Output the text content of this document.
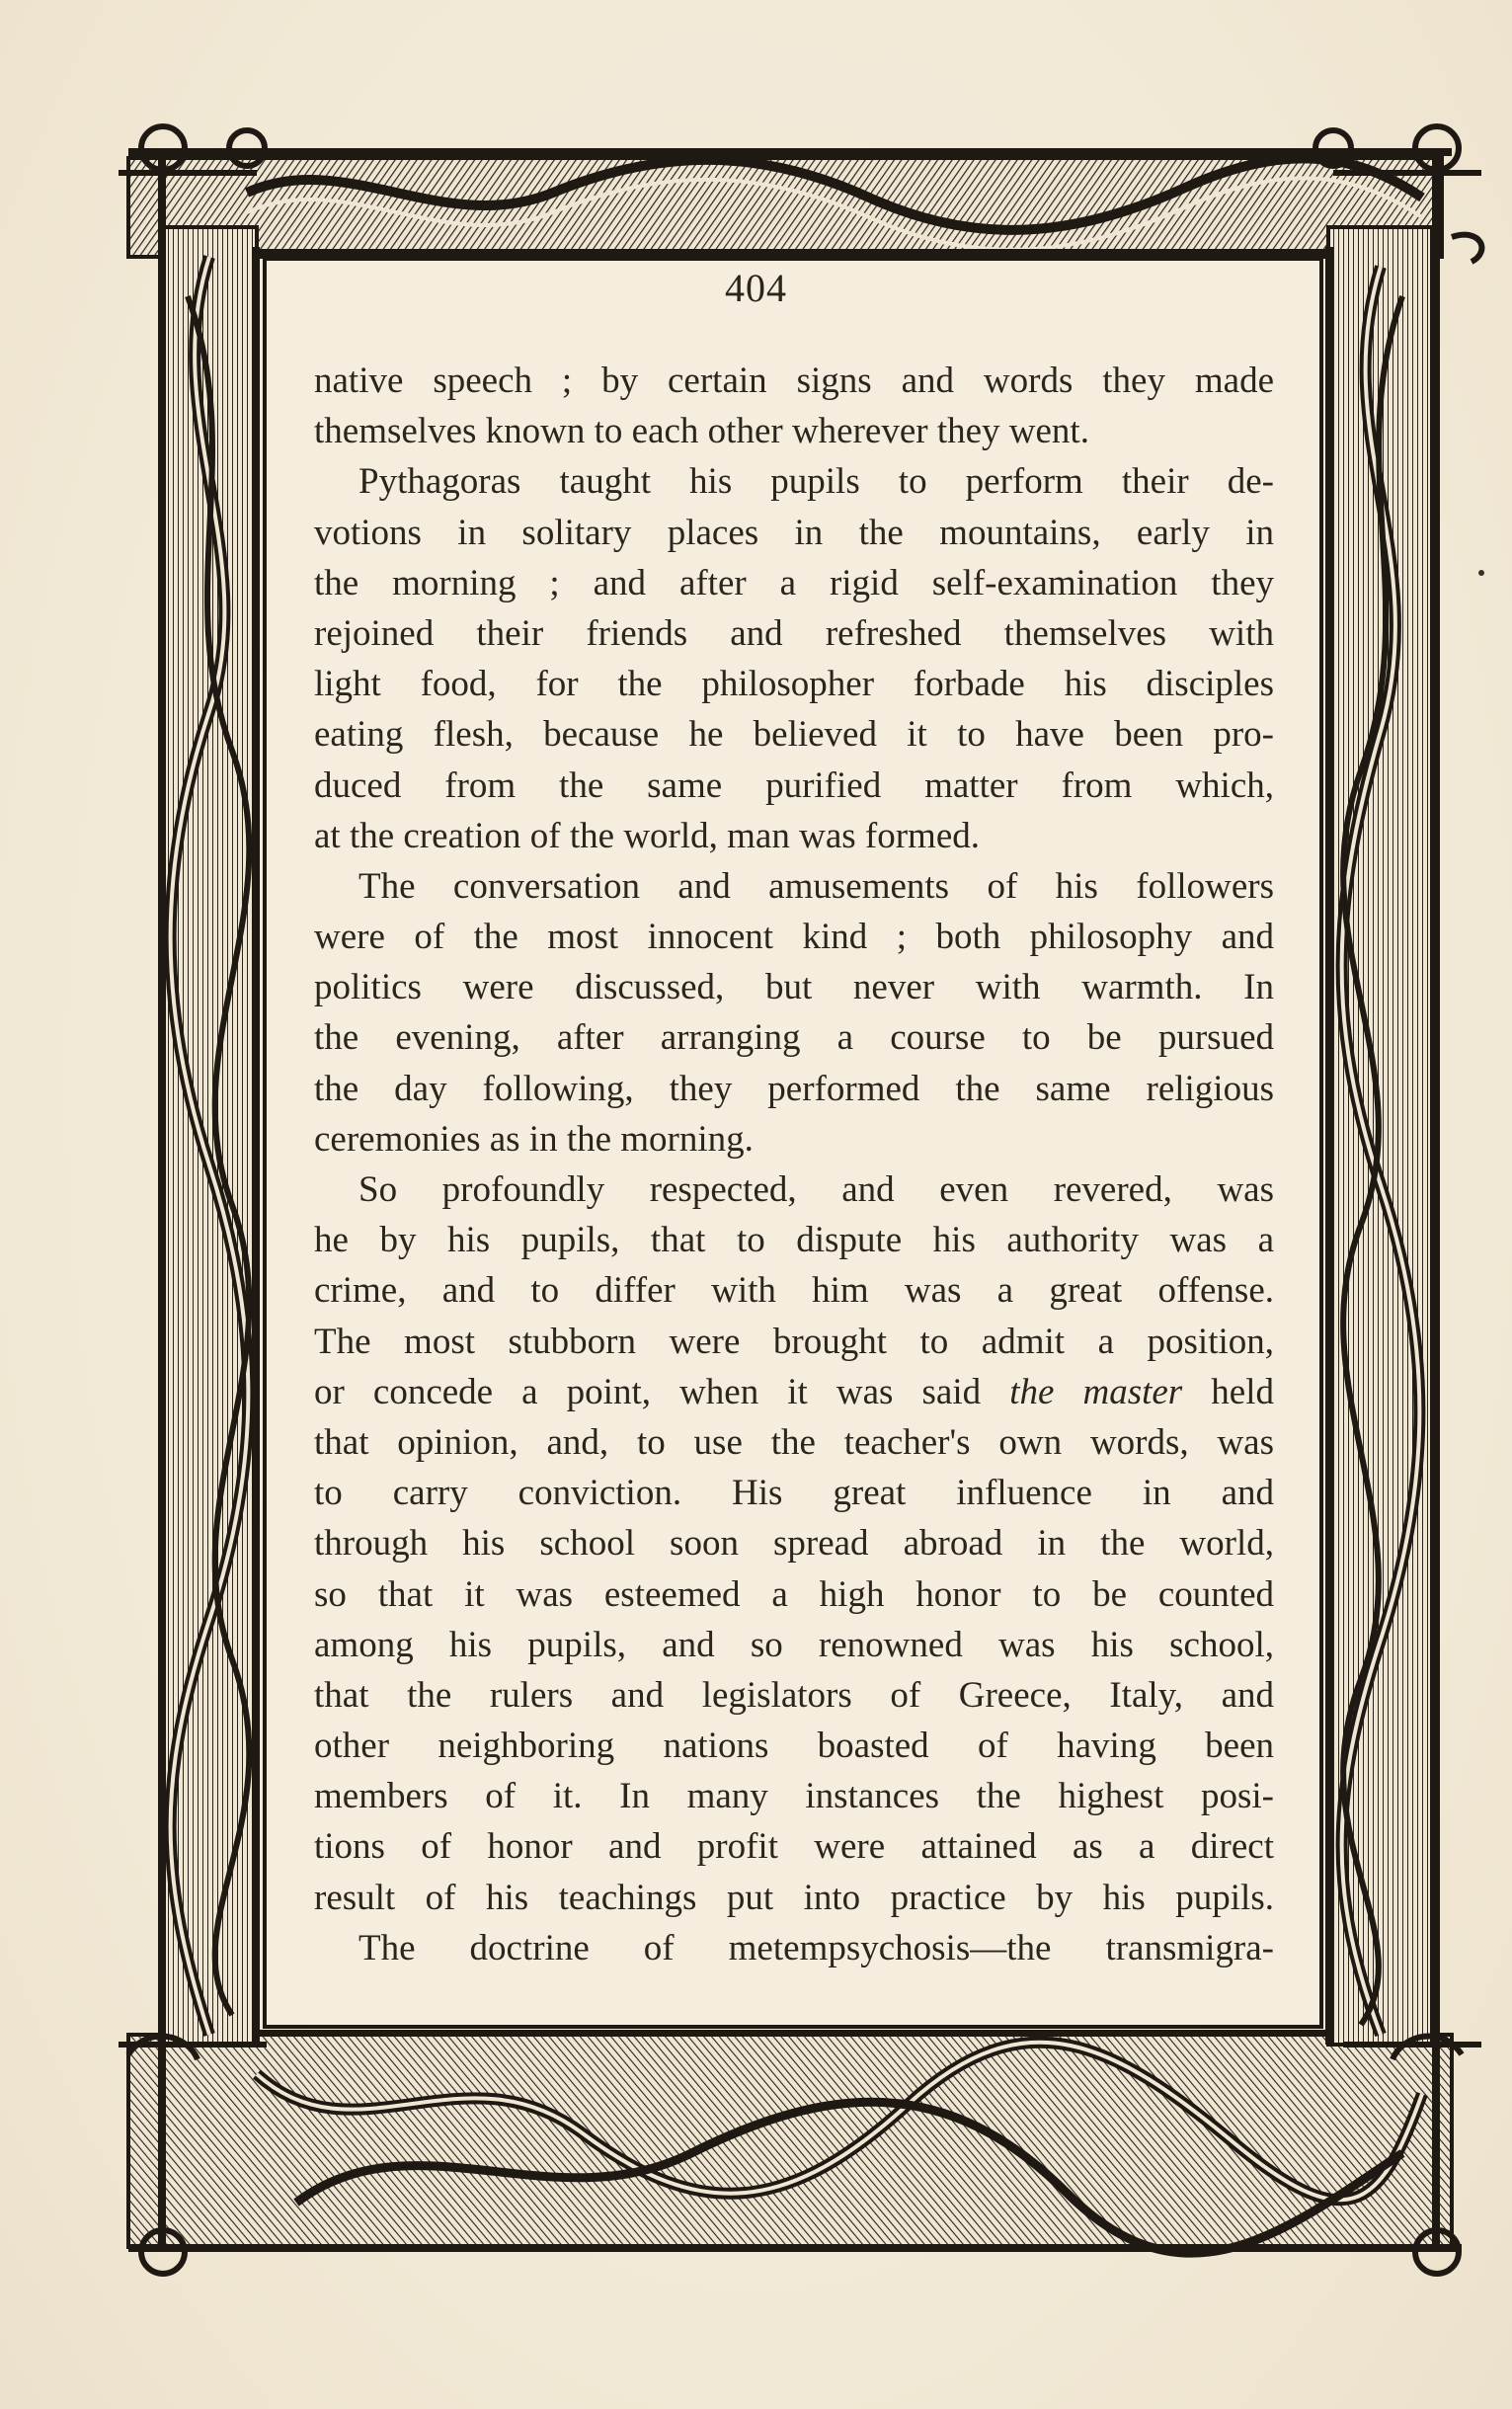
404
native speech ; by certain signs and words they made
themselves known to each other wherever they went.
Pythagoras taught his pupils to perform their de-
votions in solitary places in the mountains, early in
the morning ; and after a rigid self-examination they
rejoined their friends and refreshed themselves with
light food, for the philosopher forbade his disciples
eating flesh, because he believed it to have been pro-
duced from the same purified matter from which,
at the creation of the world, man was formed.
The conversation and amusements of his followers
were of the most innocent kind ; both philosophy and
politics were discussed, but never with warmth. In
the evening, after arranging a course to be pursued
the day following, they performed the same religious
ceremonies as in the morning.
So profoundly respected, and even revered, was
he by his pupils, that to dispute his authority was a
crime, and to differ with him was a great offense.
The most stubborn were brought to admit a position,
or concede a point, when it was said the master held
that opinion, and, to use the teacher's own words, was
to carry conviction. His great influence in and
through his school soon spread abroad in the world,
so that it was esteemed a high honor to be counted
among his pupils, and so renowned was his school,
that the rulers and legislators of Greece, Italy, and
other neighboring nations boasted of having been
members of it. In many instances the highest posi-
tions of honor and profit were attained as a direct
result of his teachings put into practice by his pupils.
The doctrine of metempsychosis—the transmigra-
